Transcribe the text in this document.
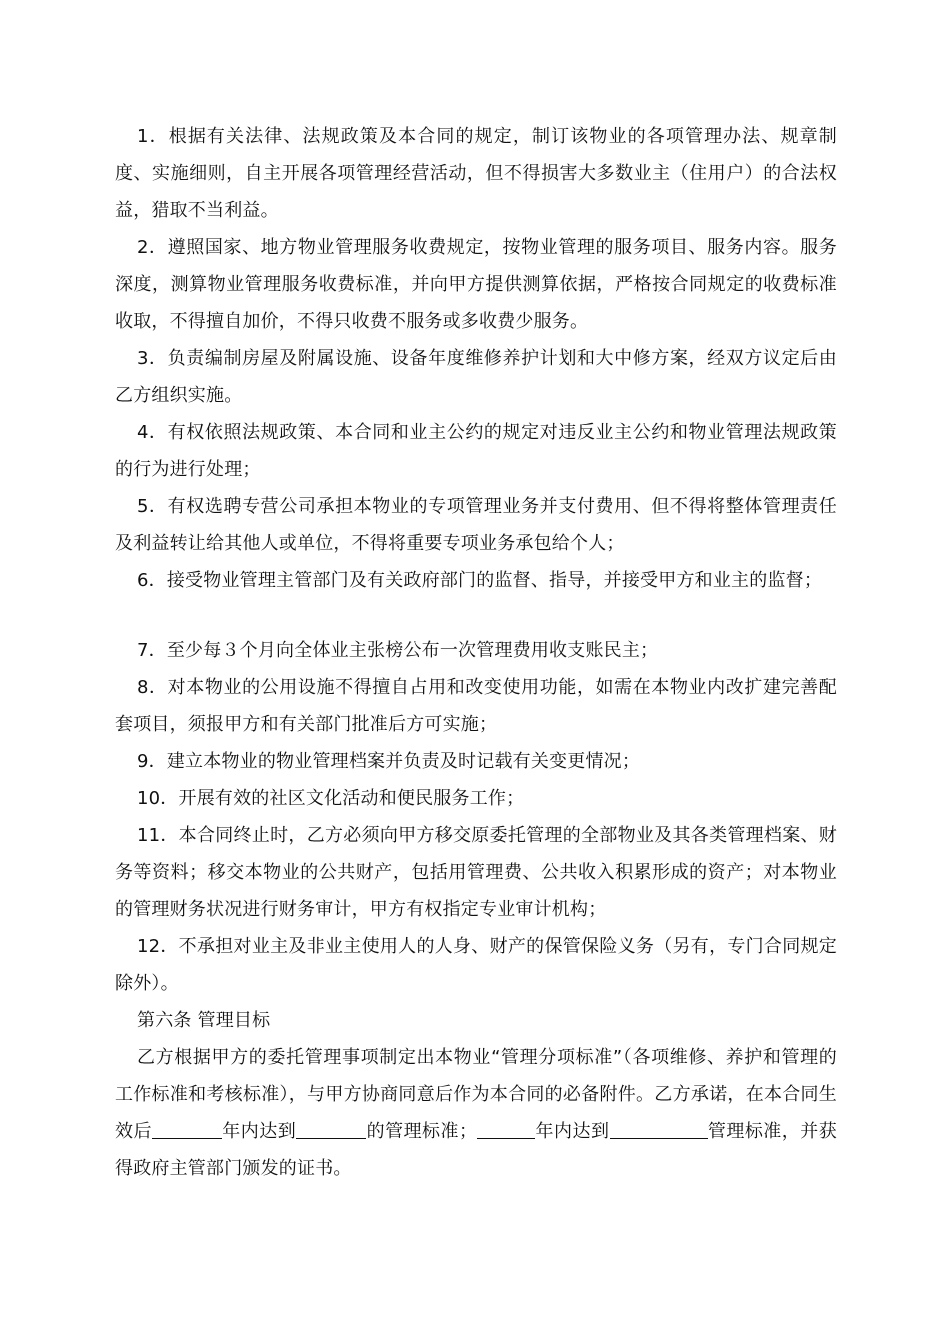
1．根据有关法律、法规政策及本合同的规定，制订该物业的各项管理办法、规章制度、实施细则，自主开展各项管理经营活动，但不得损害大多数业主（住用户）的合法权益，猎取不当利益。

2．遵照国家、地方物业管理服务收费规定，按物业管理的服务项目、服务内容。服务深度，测算物业管理服务收费标准，并向甲方提供测算依据，严格按合同规定的收费标准收取，不得擅自加价，不得只收费不服务或多收费少服务。

3．负责编制房屋及附属设施、设备年度维修养护计划和大中修方案，经双方议定后由乙方组织实施。

4．有权依照法规政策、本合同和业主公约的规定对违反业主公约和物业管理法规政策的行为进行处理；

5．有权选聘专营公司承担本物业的专项管理业务并支付费用、但不得将整体管理责任及利益转让给其他人或单位，不得将重要专项业务承包给个人；

6．接受物业管理主管部门及有关政府部门的监督、指导，并接受甲方和业主的监督；

7．至少每３个月向全体业主张榜公布一次管理费用收支账民主；

8．对本物业的公用设施不得擅自占用和改变使用功能，如需在本物业内改扩建完善配套项目，须报甲方和有关部门批准后方可实施；

9．建立本物业的物业管理档案并负责及时记载有关变更情况；

10．开展有效的社区文化活动和便民服务工作；

11．本合同终止时，乙方必须向甲方移交原委托管理的全部物业及其各类管理档案、财务等资料；移交本物业的公共财产，包括用管理费、公共收入积累形成的资产；对本物业的管理财务状况进行财务审计，甲方有权指定专业审计机构；

12．不承担对业主及非业主使用人的人身、财产的保管保险义务（另有，专门合同规定除外）。

第六条 管理目标

乙方根据甲方的委托管理事项制定出本物业“管理分项标准”（各项维修、养护和管理的工作标准和考核标准），与甲方协商同意后作为本合同的必备附件。乙方承诺，在本合同生效后	年内达到	的管理标准；	年内达到	管理标准，并获得政府主管部门颁发的证书。
